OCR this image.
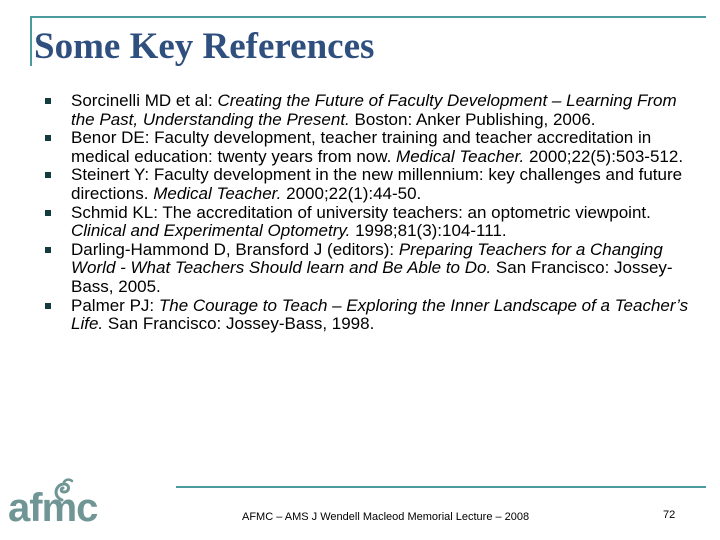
Some Key References
Sorcinelli MD et al: Creating the Future of Faculty Development – Learning From the Past, Understanding the Present. Boston: Anker Publishing, 2006.
Benor DE: Faculty development, teacher training and teacher accreditation in medical education: twenty years from now. Medical Teacher. 2000;22(5):503-512.
Steinert Y: Faculty development in the new millennium: key challenges and future directions. Medical Teacher. 2000;22(1):44-50.
Schmid KL: The accreditation of university teachers: an optometric viewpoint. Clinical and Experimental Optometry. 1998;81(3):104-111.
Darling-Hammond D, Bransford J (editors): Preparing Teachers for a Changing World - What Teachers Should learn and Be Able to Do. San Francisco: Jossey-Bass, 2005.
Palmer PJ: The Courage to Teach – Exploring the Inner Landscape of a Teacher’s Life. San Francisco: Jossey-Bass, 1998.
afmc	AFMC – AMS J Wendell Macleod Memorial Lecture – 2008	72
